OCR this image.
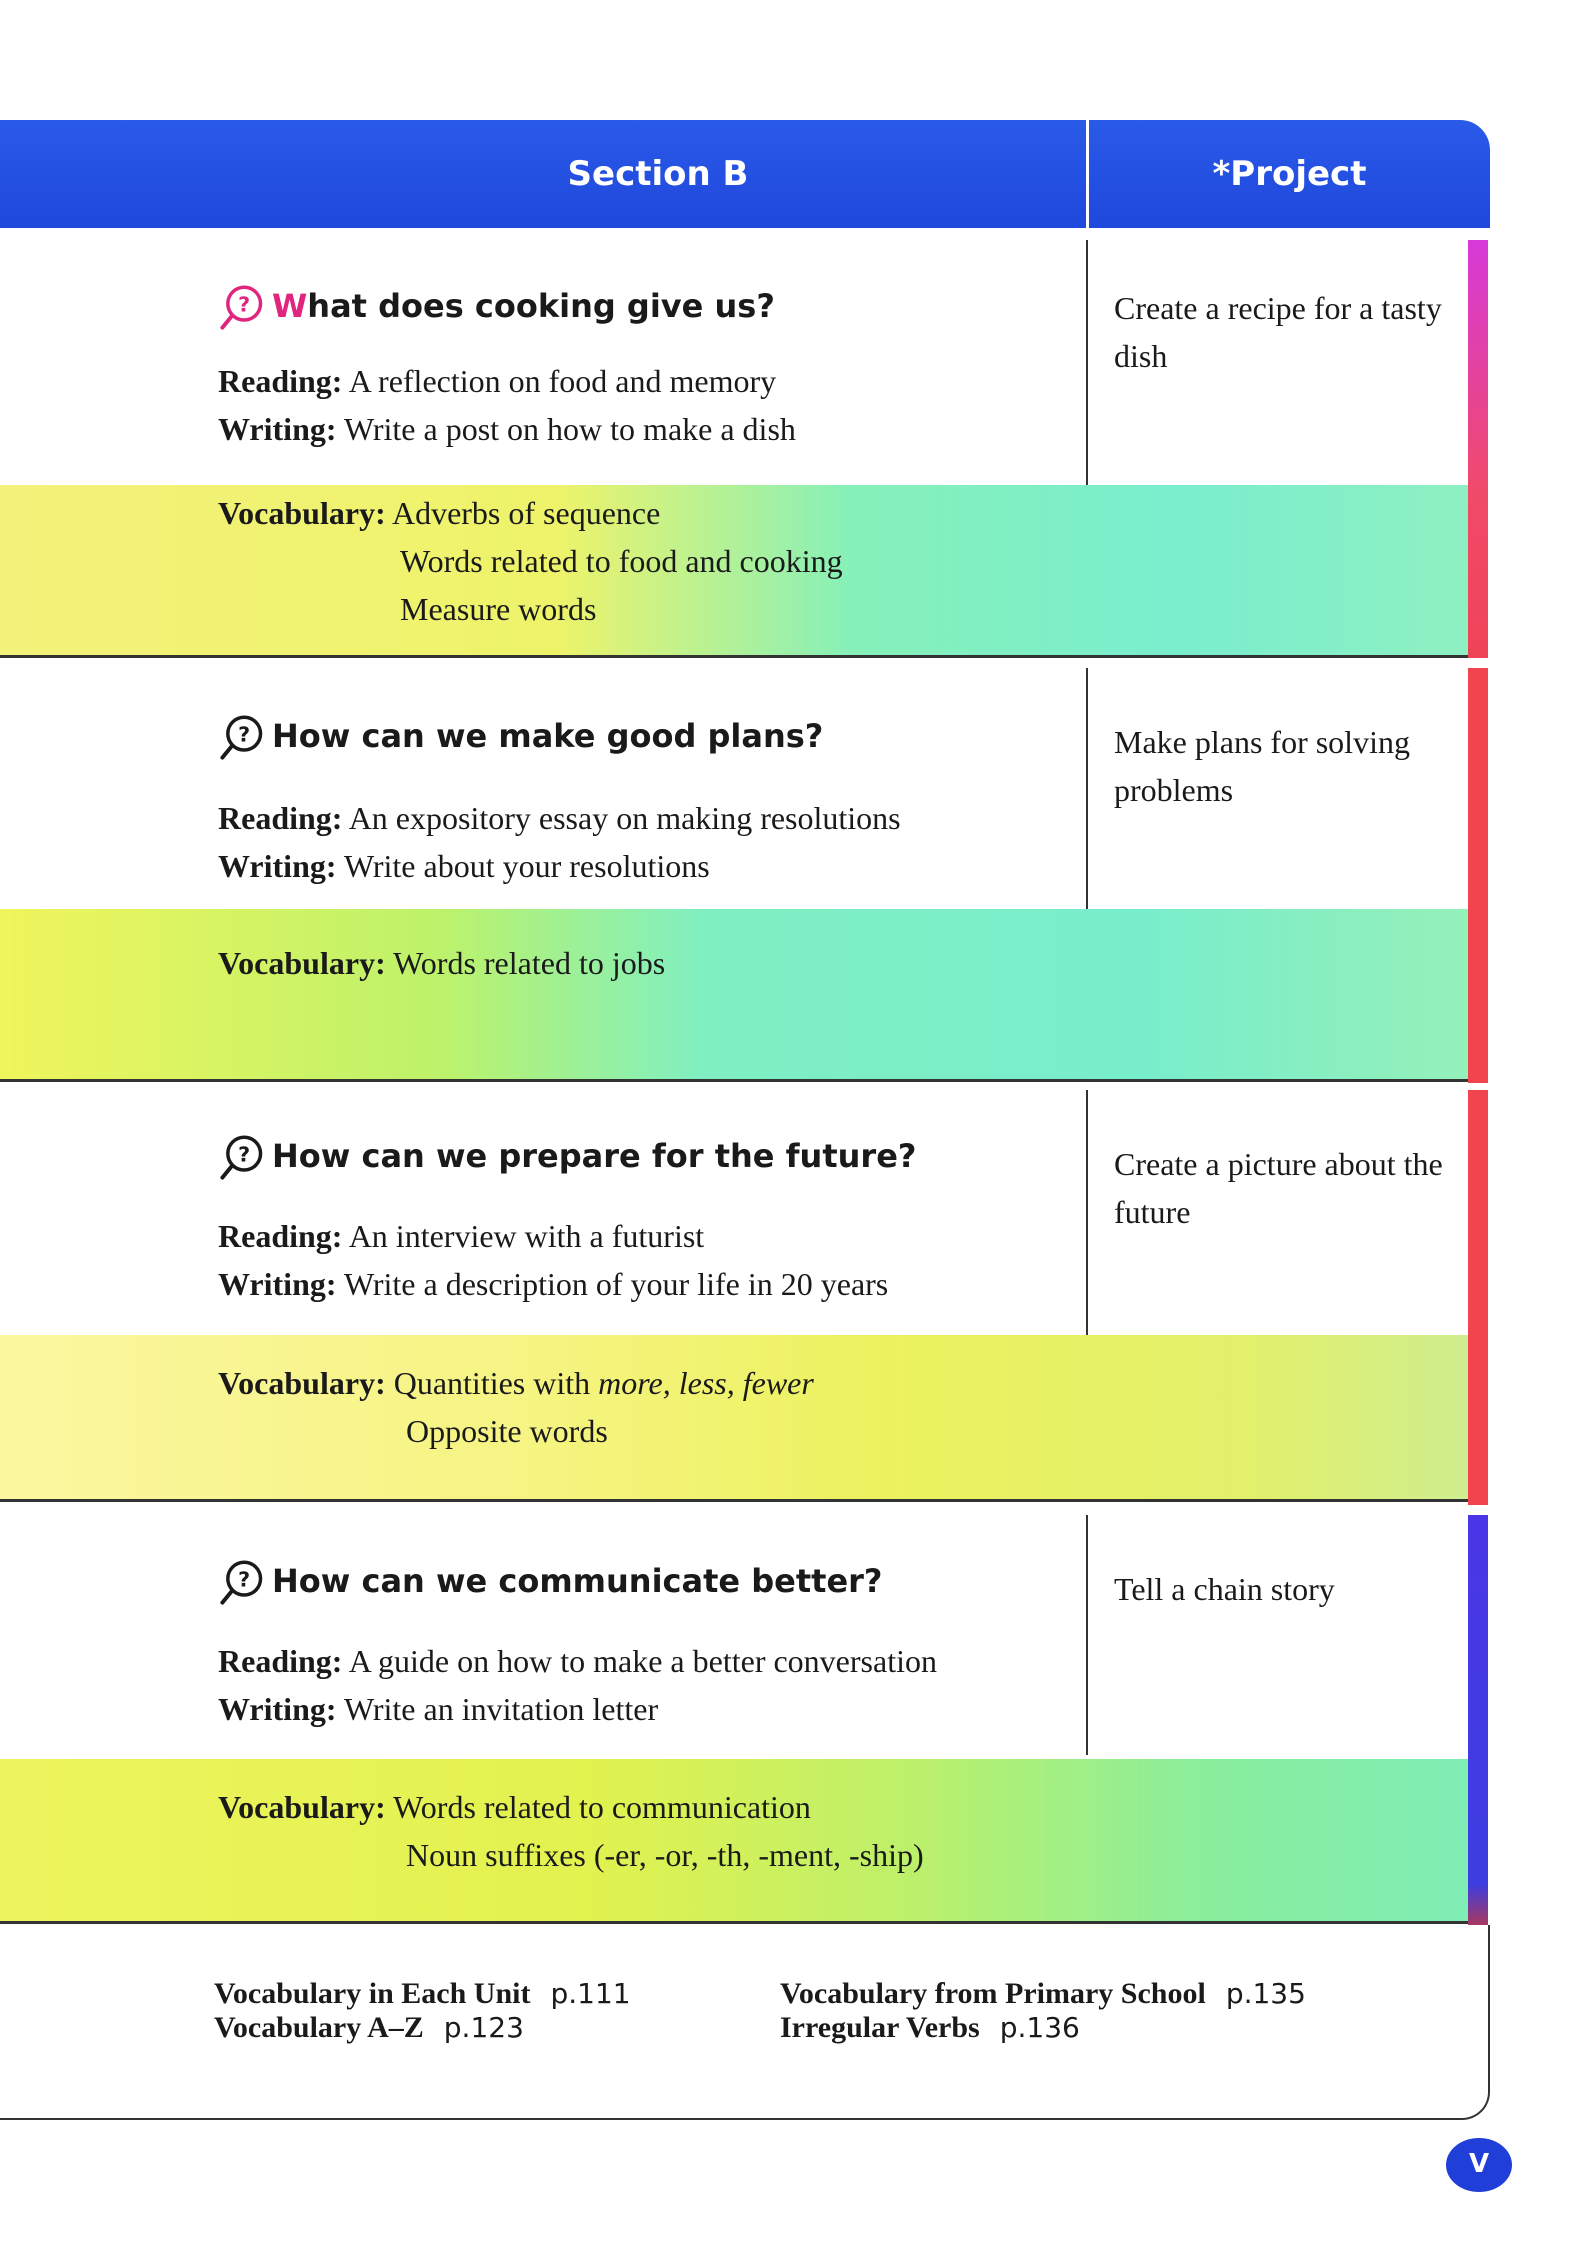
Section B	*Project
What does cooking give us?
Reading: A reflection on food and memory
Writing: Write a post on how to make a dish
Create a recipe for a tasty dish
Vocabulary: Adverbs of sequence
Words related to food and cooking
Measure words
How can we make good plans?
Reading: An expository essay on making resolutions
Writing: Write about your resolutions
Make plans for solving problems
Vocabulary: Words related to jobs
How can we prepare for the future?
Reading: An interview with a futurist
Writing: Write a description of your life in 20 years
Create a picture about the future
Vocabulary: Quantities with more, less, fewer
Opposite words
How can we communicate better?
Reading: A guide on how to make a better conversation
Writing: Write an invitation letter
Tell a chain story
Vocabulary: Words related to communication
Noun suffixes (-er, -or, -th, -ment, -ship)
Vocabulary in Each Unit p.111
Vocabulary A–Z p.123
Vocabulary from Primary School p.135
Irregular Verbs p.136
V
